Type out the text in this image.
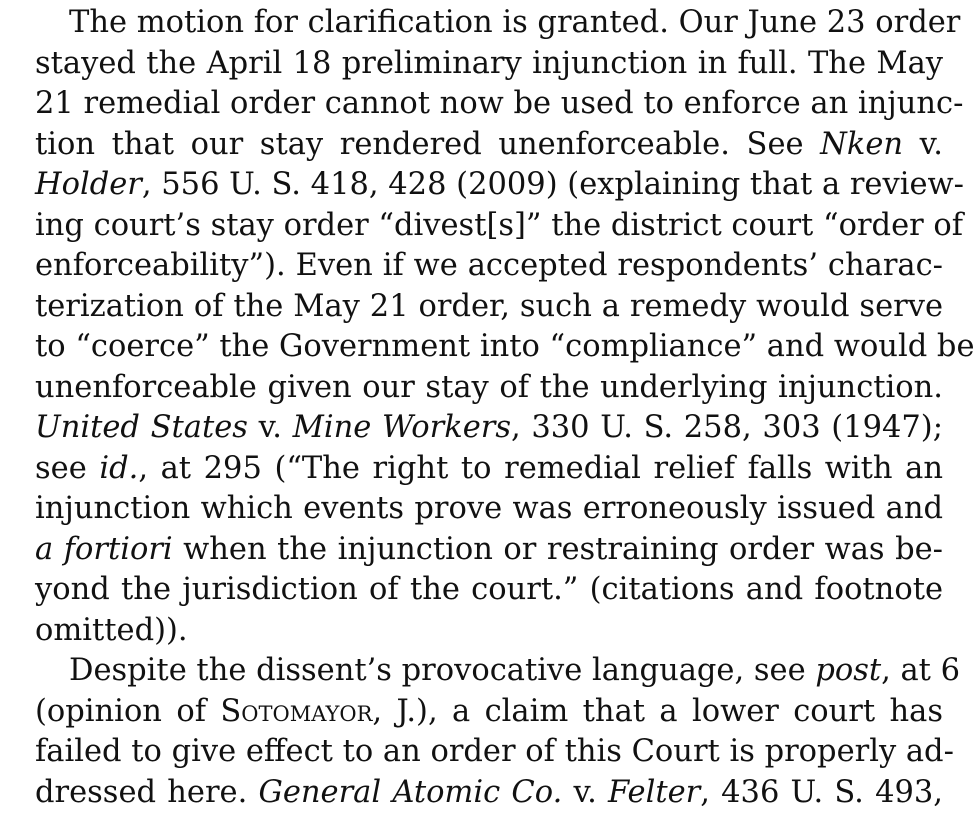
The motion for clarification is granted. Our June 23 order
stayed the April 18 preliminary injunction in full. The May
21 remedial order cannot now be used to enforce an injunc-
tion that our stay rendered unenforceable. See Nken v.
Holder, 556 U. S. 418, 428 (2009) (explaining that a review-
ing court’s stay order “divest[s]” the district court “order of
enforceability”). Even if we accepted respondents’ charac-
terization of the May 21 order, such a remedy would serve
to “coerce” the Government into “compliance” and would be
unenforceable given our stay of the underlying injunction.
United States v. Mine Workers, 330 U. S. 258, 303 (1947);
see id., at 295 (“The right to remedial relief falls with an
injunction which events prove was erroneously issued and
a fortiori when the injunction or restraining order was be-
yond the jurisdiction of the court.” (citations and footnote
omitted)).
Despite the dissent’s provocative language, see post, at 6
(opinion of Sotomayor, J.), a claim that a lower court has
failed to give effect to an order of this Court is properly ad-
dressed here. General Atomic Co. v. Felter, 436 U. S. 493,
